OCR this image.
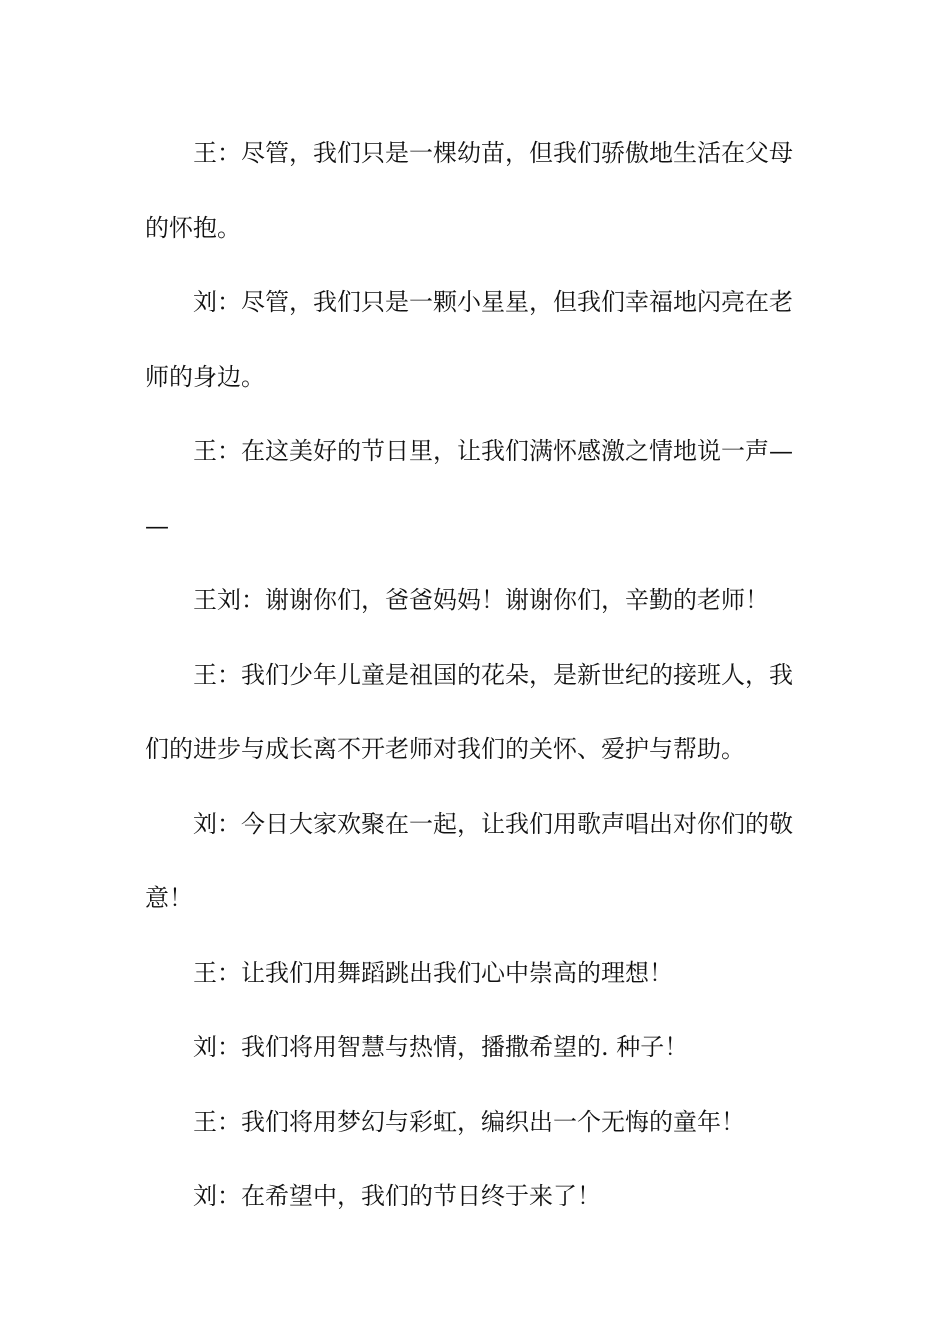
王：尽管，我们只是一棵幼苗，但我们骄傲地生活在父母
的怀抱。

刘：尽管，我们只是一颗小星星，但我们幸福地闪亮在老
师的身边。

王：在这美好的节日里，让我们满怀感激之情地说一声—
—

王刘：谢谢你们，爸爸妈妈！谢谢你们，辛勤的老师！

王：我们少年儿童是祖国的花朵，是新世纪的接班人，我
们的进步与成长离不开老师对我们的关怀、爱护与帮助。

刘：今日大家欢聚在一起，让我们用歌声唱出对你们的敬
意！

王：让我们用舞蹈跳出我们心中崇高的理想！

刘：我们将用智慧与热情，播撒希望的. 种子！

王：我们将用梦幻与彩虹，编织出一个无悔的童年！

刘：在希望中，我们的节日终于来了！
